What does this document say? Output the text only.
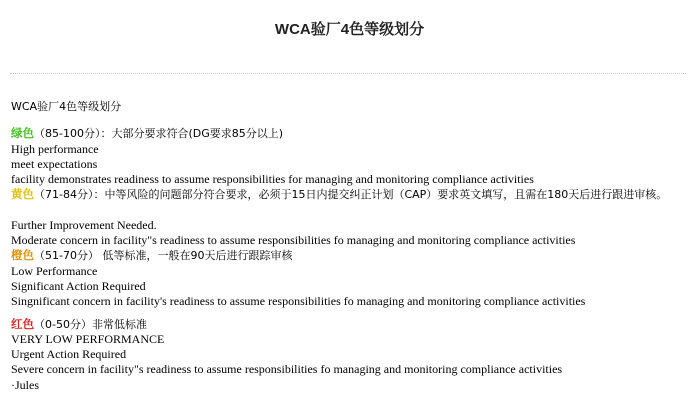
WCA验厂4色等级划分

WCA验厂4色等级划分

绿色（85-100分）：大部分要求符合(DG要求85分以上)

High performance

meet expectations

facility demonstrates readiness to assume responsibilities for managing and monitoring compliance activities

黄色（71-84分）：中等风险的问题部分符合要求，必须于15日内提交纠正计划（CAP）要求英文填写，且需在180天后进行跟进审核。

Further Improvement Needed.

Moderate concern in facility"s readiness to assume responsibilities fo managing and monitoring compliance activities

橙色（51-70分） 低等标准，一般在90天后进行跟踪审核

Low Performance

Significant Action Required

Singnificant concern in facility's readiness to assume responsibilities fo managing and monitoring compliance activities

红色（0-50分）非常低标准

VERY LOW PERFORMANCE

Urgent Action Required

Severe concern in facility"s readiness to assume responsibilities fo managing and monitoring compliance activities

·Jules
